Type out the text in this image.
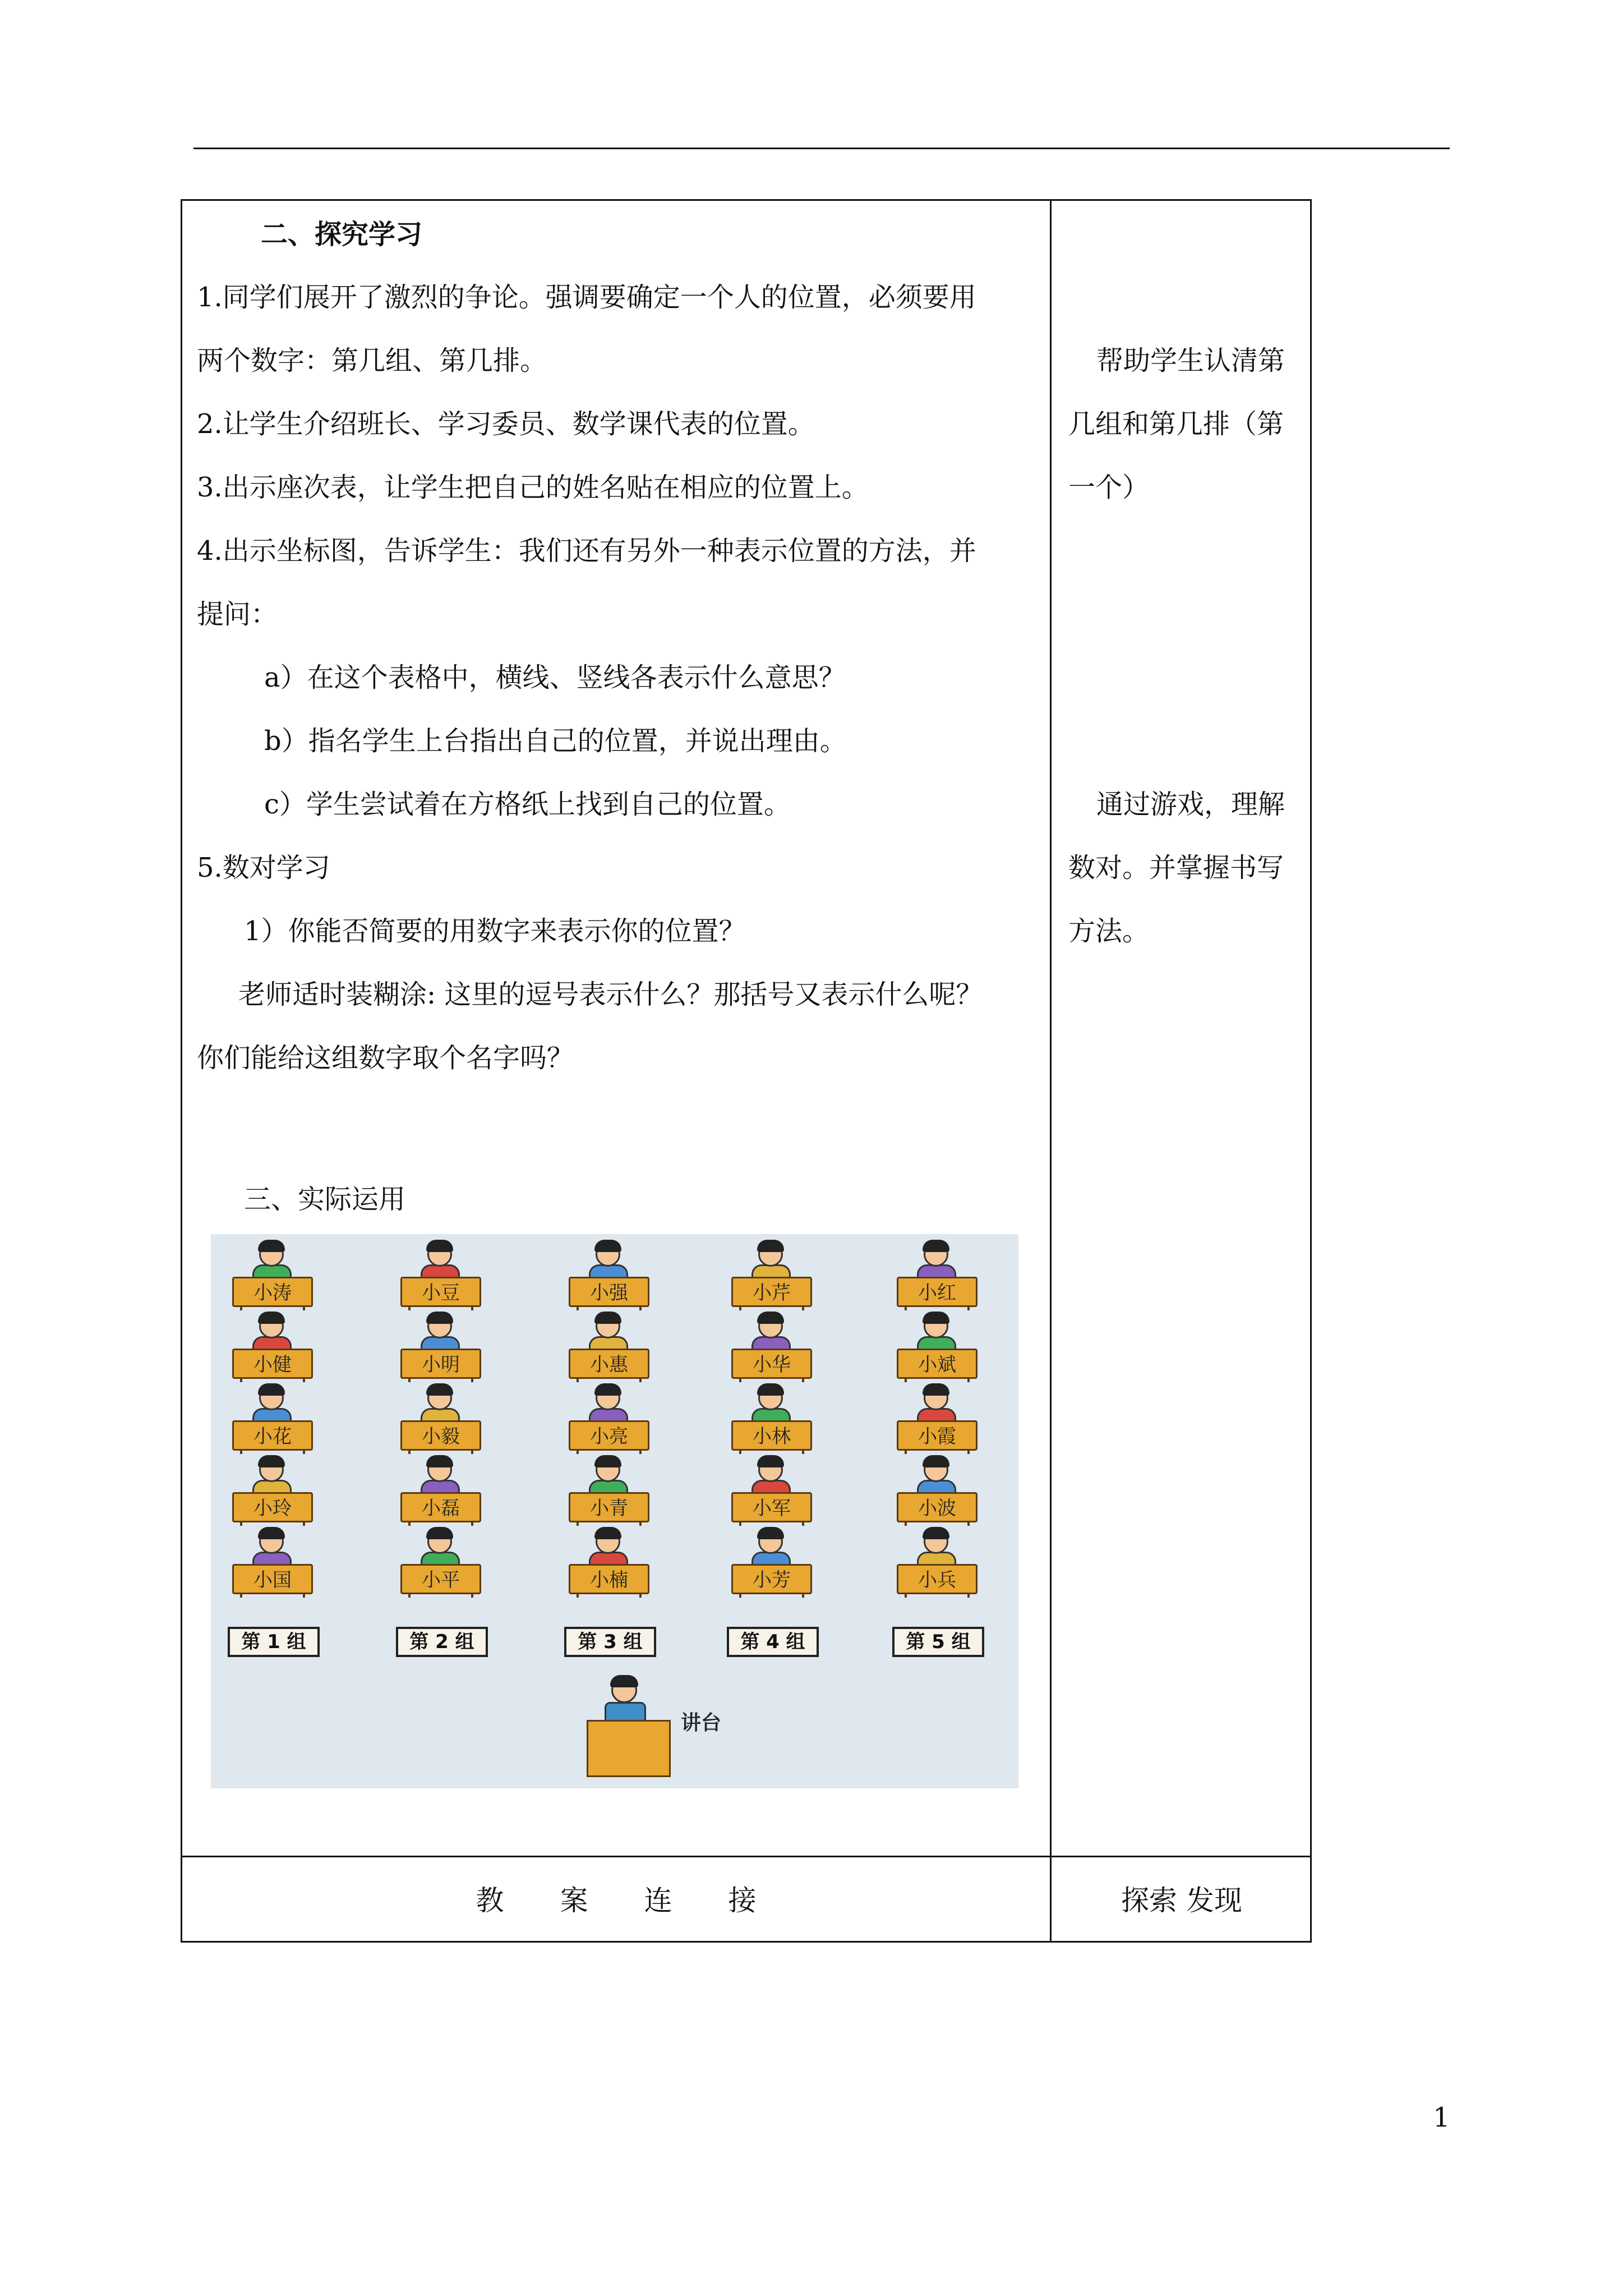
二、探究学习
1.同学们展开了激烈的争论。强调要确定一个人的位置，必须要用
两个数字：第几组、第几排。
2.让学生介绍班长、学习委员、数学课代表的位置。
3.出示座次表，让学生把自己的姓名贴在相应的位置上。
4.出示坐标图，告诉学生：我们还有另外一种表示位置的方法，并
提问：
a）在这个表格中，横线、竖线各表示什么意思？
b）指名学生上台指出自己的位置，并说出理由。
c）学生尝试着在方格纸上找到自己的位置。
5.数对学习
1）你能否简要的用数字来表示你的位置？
老师适时装糊涂: 这里的逗号表示什么？那括号又表示什么呢？
你们能给这组数字取个名字吗？
三、实际运用
帮助学生认清第
几组和第几排（第
一个）
通过游戏，理解
数对。并掌握书写
方法。
教　　案　　连　　接	探索 发现
讲台
小涛
小健
小花
小玲
小国
第 1 组
小豆
小明
小毅
小磊
小平
第 2 组
小强
小惠
小亮
小青
小楠
第 3 组
小芹
小华
小林
小军
小芳
第 4 组
小红
小斌
小霞
小波
小兵
第 5 组
1
